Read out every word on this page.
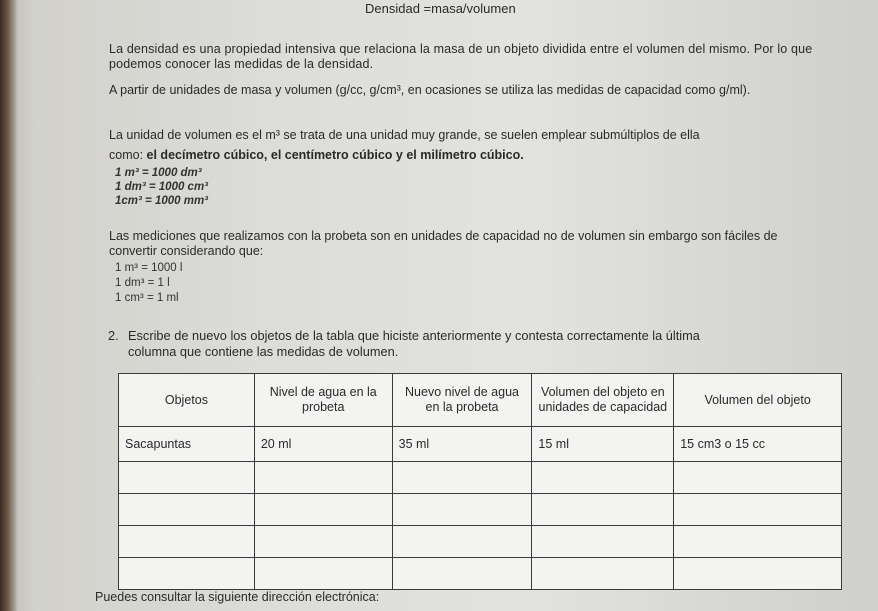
Densidad =masa/volumen
La densidad es una propiedad intensiva que relaciona la masa de un objeto dividida entre el volumen del mismo. Por lo que podemos conocer las medidas de la densidad.
A partir de unidades de masa y volumen (g/cc, g/cm³, en ocasiones se utiliza las medidas de capacidad como g/ml).
La unidad de volumen es el m³ se trata de una unidad muy grande, se suelen emplear submúltiplos de ella
como: el decímetro cúbico, el centímetro cúbico y el milímetro cúbico.
1 m³ = 1000 dm³
1 dm³ = 1000 cm³
1cm³ = 1000 mm³
Las mediciones que realizamos con la probeta son en unidades de capacidad no de volumen sin embargo son fáciles de convertir considerando que:
1 m³ = 1000 l
1 dm³ = 1 l
1 cm³ = 1 ml
2. Escribe de nuevo los objetos de la tabla que hiciste anteriormente y contesta correctamente la última
columna que contiene las medidas de volumen.
Objetos	Nivel de agua en la probeta	Nuevo nivel de agua en la probeta	Volumen del objeto en unidades de capacidad	Volumen del objeto
Sacapuntas	20 ml	35 ml	15 ml	15 cm3 o 15 cc

Puedes consultar la siguiente dirección electrónica:
